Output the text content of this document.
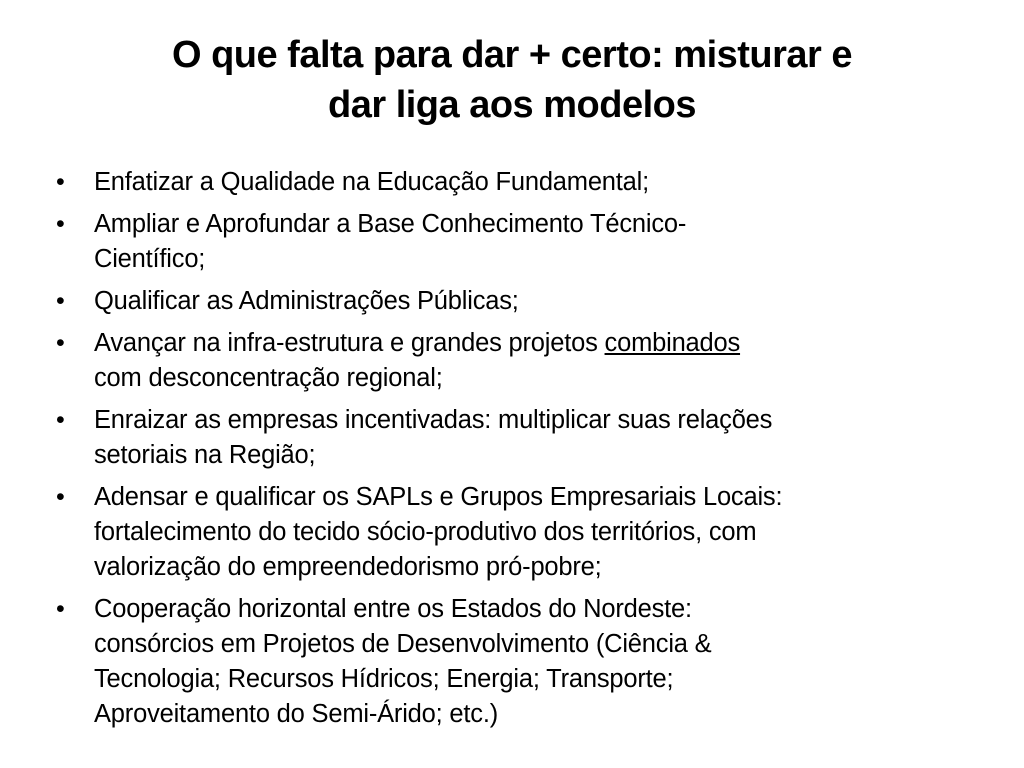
O que falta para dar + certo: misturar e
dar liga aos modelos
• Enfatizar a Qualidade na Educação Fundamental;
• Ampliar e Aprofundar a Base Conhecimento Técnico-
Científico;
• Qualificar as Administrações Públicas;
• Avançar na infra-estrutura e grandes projetos combinados
com desconcentração regional;
• Enraizar as empresas incentivadas: multiplicar suas relações
setoriais na Região;
• Adensar e qualificar os SAPLs e Grupos Empresariais Locais:
fortalecimento do tecido sócio-produtivo dos territórios, com
valorização do empreendedorismo pró-pobre;
• Cooperação horizontal entre os Estados do Nordeste:
consórcios em Projetos de Desenvolvimento (Ciência &
Tecnologia; Recursos Hídricos; Energia; Transporte;
Aproveitamento do Semi-Árido; etc.)
